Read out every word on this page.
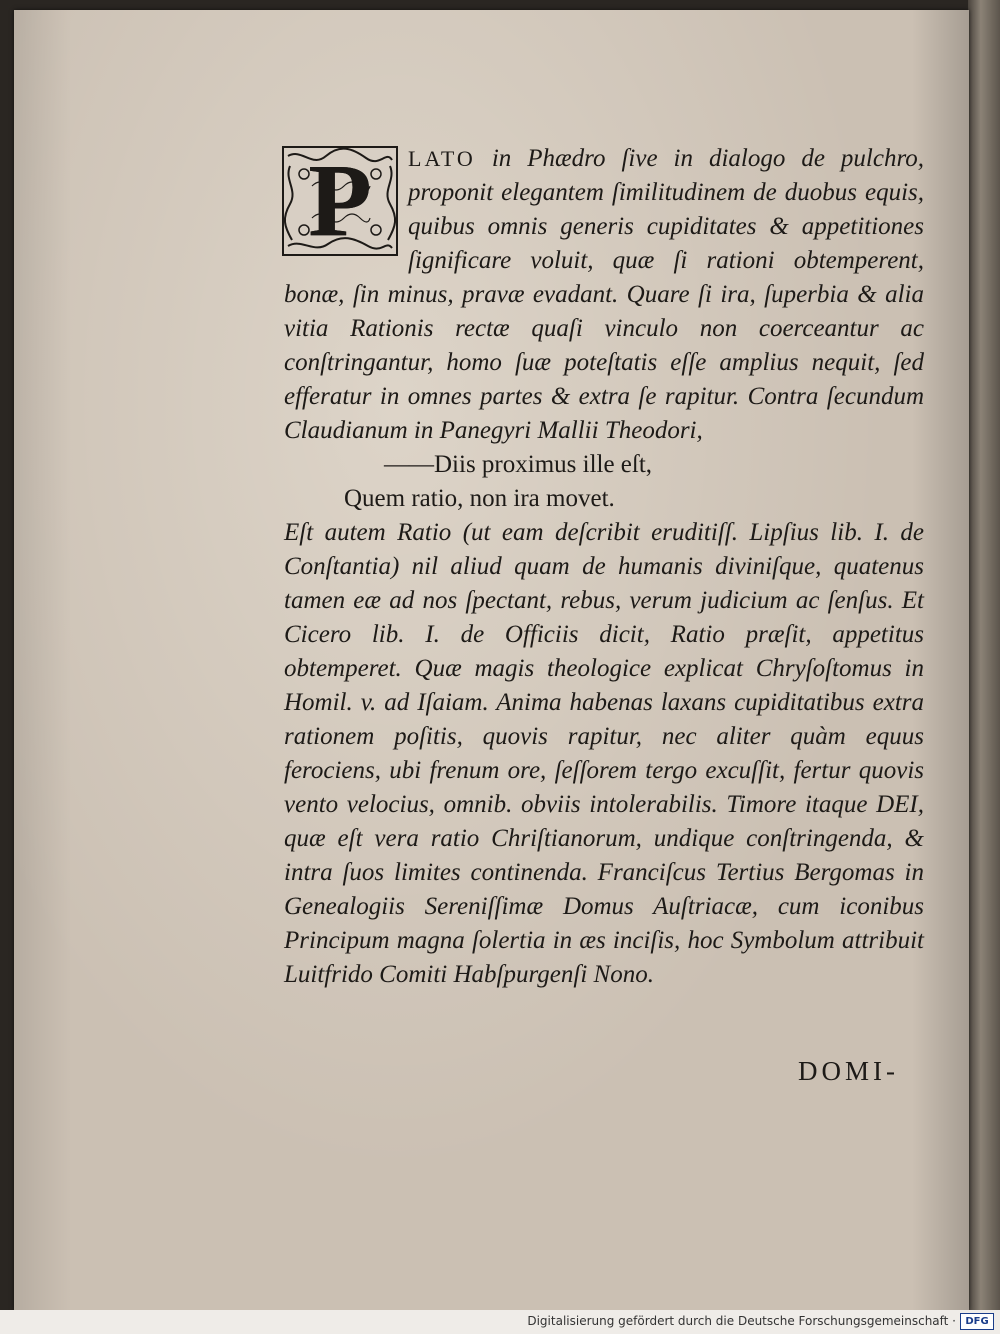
P	LATO in Phædro ſive in dialogo de pulchro, proponit elegantem ſimilitudinem de duobus equis, quibus omnis generis cupiditates & appetitiones ſignificare voluit, quæ ſi rationi obtemperent, bonæ, ſin minus, pravæ evadant. Quare ſi ira, ſuperbia & alia vitia Rationis rectæ quaſi vinculo non coerceantur ac conſtringantur, homo ſuæ poteſtatis eſſe amplius nequit, ſed efferatur in omnes partes & extra ſe rapitur. Contra ſecundum Claudianum in Panegyri Mallii Theodori,

——Diis proximus ille eſt,
Quem ratio, non ira movet.

Eſt autem Ratio (ut eam deſcribit eruditiſſ. Lipſius lib. I. de Conſtantia) nil aliud quam de humanis diviniſque, quatenus tamen eæ ad nos ſpectant, rebus, verum judicium ac ſenſus. Et Cicero lib. I. de Officiis dicit, Ratio præſit, appetitus obtemperet. Quæ magis theologice explicat Chryſoſtomus in Homil. v. ad Iſaiam. Anima habenas laxans cupiditatibus extra rationem poſitis, quovis rapitur, nec aliter quàm equus ferociens, ubi frenum ore, ſeſſorem tergo excuſſit, fertur quovis vento velocius, omnib. obviis intolerabilis. Timore itaque DEI, quæ eſt vera ratio Chriſtianorum, undique conſtringenda, & intra ſuos limites continenda. Franciſcus Tertius Bergomas in Genealogiis Sereniſſimæ Domus Auſtriacæ, cum iconibus Principum magna ſolertia in æs inciſis, hoc Symbolum attribuit Luitfrido Comiti Habſpurgenſi Nono.

DOMI-
Digitalisierung gefördert durch die Deutsche Forschungsgemeinschaft · DFG
